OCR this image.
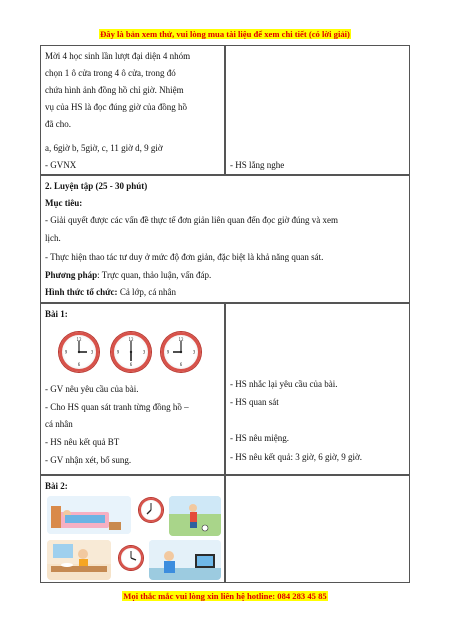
Đây là bản xem thử, vui lòng mua tài liệu để xem chi tiết (có lời giải)
Mời 4 học sinh lần lượt đại diện 4 nhóm
chọn 1 ô cửa trong 4 ô cửa, trong đó
chứa hình ảnh đồng hồ chỉ giờ. Nhiệm
vụ của HS là đọc đúng giờ của đồng hồ
đã cho.
a, 6giờ b, 5giờ, c, 11 giờ d, 9 giờ
- GVNX	- HS lắng nghe
2. Luyện tập (25 - 30 phút)
Mục tiêu:
- Giải quyết được các vấn đề thực tế đơn giản liên quan đến đọc giờ đúng và xem
lịch.
- Thực hiện thao tác tư duy ở mức độ đơn giản, đặc biệt là khả năng quan sát.
Phương pháp: Trực quan, thảo luận, vấn đáp.
Hình thức tổ chức: Cả lớp, cá nhân
Bài 1:
12
3
6
9
12
3
6
9
12
3
6
9
- GV nêu yêu cầu của bài.
- Cho HS quan sát tranh từng đồng hồ –
cá nhân
- HS nêu kết quả BT
- GV nhận xét, bổ sung.
- HS nhắc lại yêu cầu của bài.
- HS quan sát
- HS nêu miệng.
- HS nêu kết quả: 3 giờ, 6 giờ, 9 giờ.
Bài 2:
Mọi thắc mắc vui lòng xin liên hệ hotline: 084 283 45 85
